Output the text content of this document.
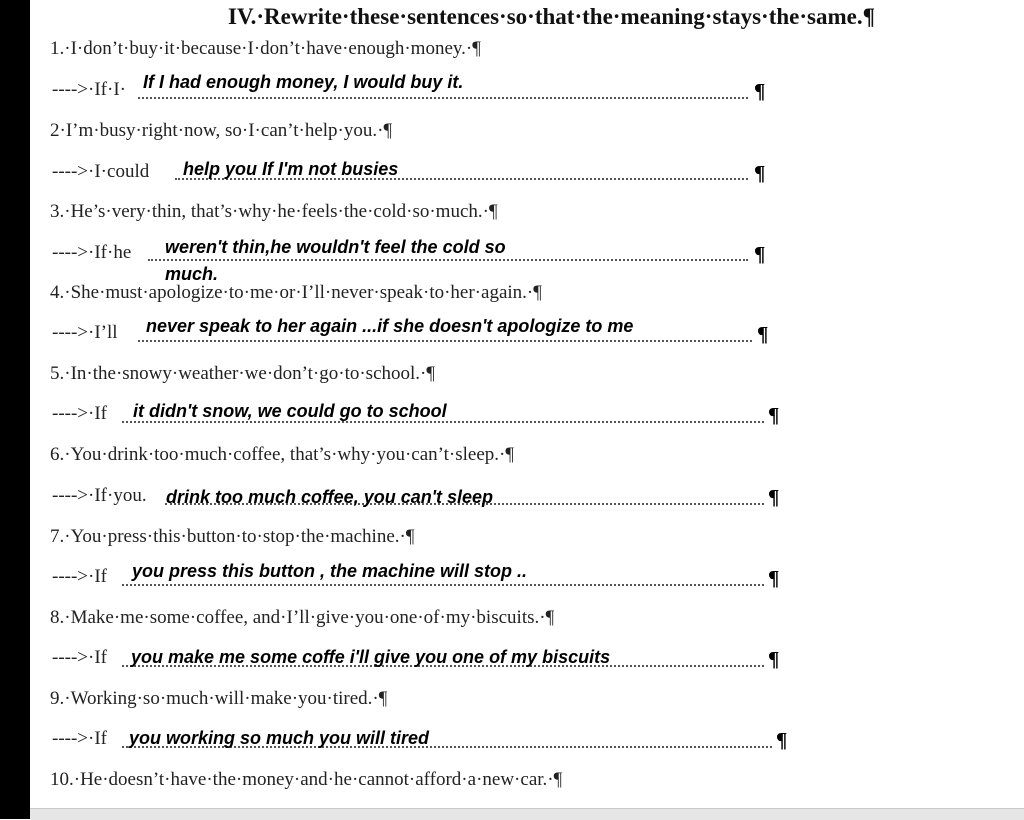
IV.·Rewrite·these·sentences·so·that·the·meaning·stays·the·same.¶
1.·I·don’t·buy·it·because·I·don’t·have·enough·money.·¶
---->·If·I· If I had enough money, I would buy it.	¶
2·I’m·busy·right·now, so·I·can’t·help·you.·¶
---->·I·could help you If I'm not busies	¶
3.·He’s·very·thin, that’s·why·he·feels·the·cold·so·much.·¶
---->·If·he weren't thin,he wouldn't feel the cold so
much.
¶
4.·She·must·apologize·to·me·or·I’ll·never·speak·to·her·again.·¶
---->·I’ll never speak to her again ...if she doesn't apologize to me	¶
5.·In·the·snowy·weather·we·don’t·go·to·school.·¶
---->·If it didn't snow, we could go to school	¶
6.·You·drink·too·much·coffee, that’s·why·you·can’t·sleep.·¶
---->·If·you. drink too much coffee, you can't sleep	¶
7.·You·press·this·button·to·stop·the·machine.·¶
---->·If you press this button , the machine will stop ..	¶
8.·Make·me·some·coffee, and·I’ll·give·you·one·of·my·biscuits.·¶
---->·If you make me some coffe i'll give you one of my biscuits	¶
9.·Working·so·much·will·make·you·tired.·¶
---->·If you working so much you will tired	¶
10.·He·doesn’t·have·the·money·and·he·cannot·afford·a·new·car.·¶
